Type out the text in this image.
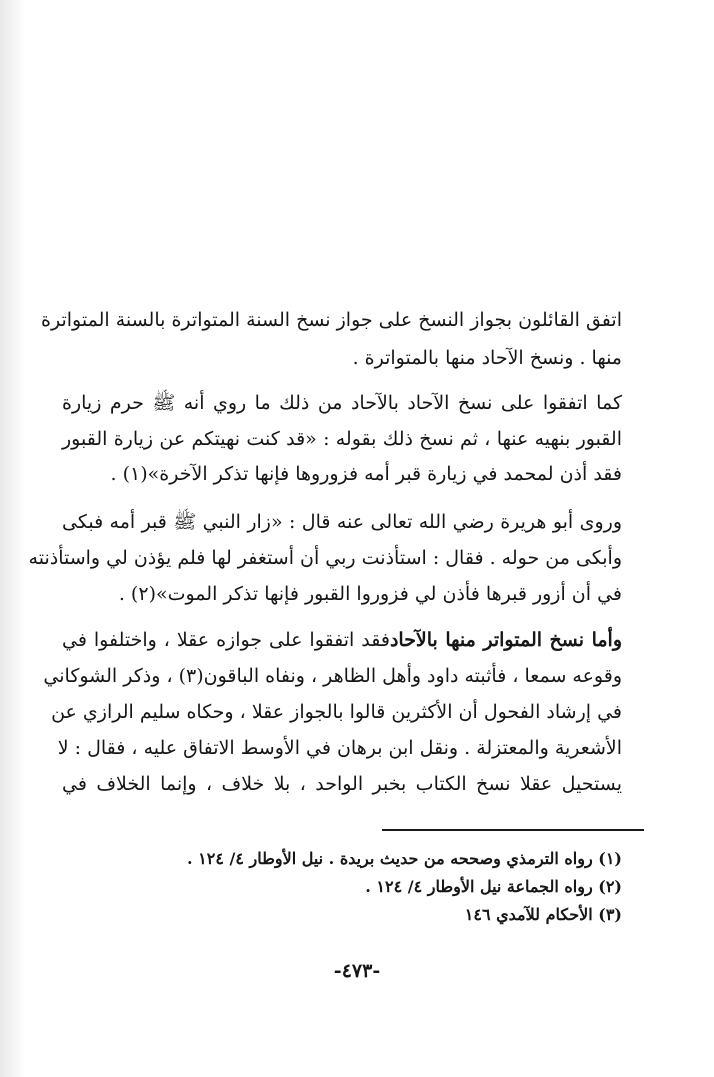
اتفق القائلون بجواز النسخ على جواز نسخ السنة المتواترة بالسنة المتواترة
منها . ونسخ الآحاد منها بالمتواترة .
كما اتفقوا على نسخ الآحاد بالآحاد من ذلك ما روي أنه ﷺ حرم زيارة
القبور بنهيه عنها ، ثم نسخ ذلك بقوله : «قد كنت نهيتكم عن زيارة القبور
فقد أذن لمحمد في زيارة قبر أمه فزوروها فإنها تذكر الآخرة»(١) .
وروى أبو هريرة رضي الله تعالى عنه قال : «زار النبي ﷺ قبر أمه فبكى
وأبكى من حوله . فقال : استأذنت ربي أن أستغفر لها فلم يؤذن لي واستأذنته
في أن أزور قبرها فأذن لي فزوروا القبور فإنها تذكر الموت»(٢) .
وأما نسخ المتواتر منها بالآحادفقد اتفقوا على جوازه عقلا ، واختلفوا في
وقوعه سمعا ، فأثبته داود وأهل الظاهر ، ونفاه الباقون(٣) ، وذكر الشوكاني
في إرشاد الفحول أن الأكثرين قالوا بالجواز عقلا ، وحكاه سليم الرازي عن
الأشعرية والمعتزلة . ونقل ابن برهان في الأوسط الاتفاق عليه ، فقال : لا
يستحيل عقلا نسخ الكتاب بخبر الواحد ، بلا خلاف ، وإنما الخلاف في
(١) رواه الترمذي وصححه من حديث بريدة . نيل الأوطار ٤/ ١٢٤ .
(٢) رواه الجماعة نيل الأوطار ٤/ ١٢٤ .
(٣) الأحكام للآمدي ١٤٦
-٤٧٣-
